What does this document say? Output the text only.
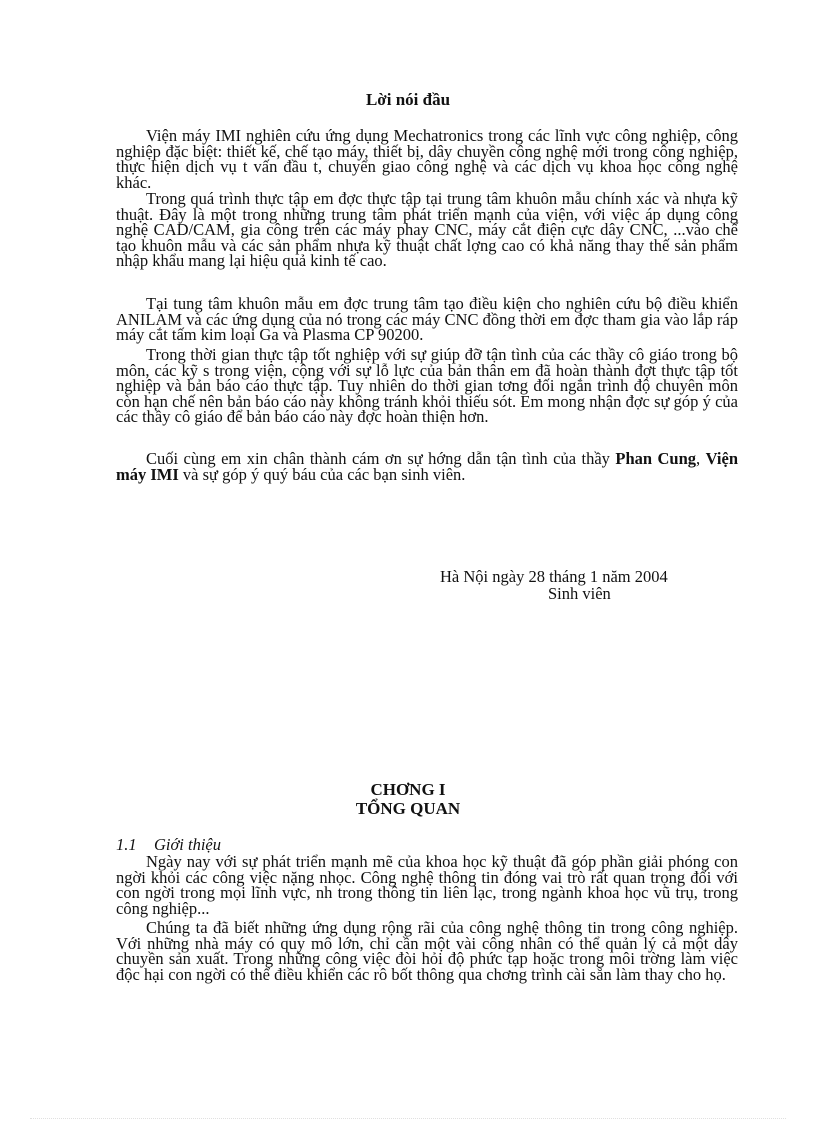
Lời nói đầu

Viện máy IMI nghiên cứu ứng dụng Mechatronics trong các lĩnh vực công nghiệp, công nghiệp đặc biệt: thiết kế, chế tạo máy, thiết bị, dây chuyền công nghệ mới trong công nghiệp, thực hiện dịch vụ t vấn đầu t, chuyển giao công nghệ và các dịch vụ khoa học công nghệ khác.

Trong quá trình thực tập em đợc thực tập tại trung tâm khuôn mẫu chính xác và nhựa kỹ thuật. Đây là một trong những trung tâm phát triển mạnh của viện, với việc áp dụng công nghệ CAD/CAM, gia công trên các máy phay CNC, máy cắt điện cực dây CNC, ...vào chế tạo khuôn mẫu và các sản phẩm nhựa kỹ thuật chất lợng cao có khả năng thay thế sản phẩm nhập khẩu mang lại hiệu quả kinh tế cao.

Tại tung tâm khuôn mẫu em đợc trung tâm tạo điều kiện cho nghiên cứu bộ điều khiển ANILAM và các ứng dụng của nó trong các máy CNC đồng thời em đợc tham gia vào lắp ráp máy cắt tấm kim loại Ga và Plasma CP 90200.

Trong thời gian thực tập tốt nghiệp với sự giúp đỡ tận tình của các thầy cô giáo trong bộ môn, các kỹ s trong viện, cộng với sự lỗ lực của bản thân em đã hoàn thành đợt thực tập tốt nghiệp và bản báo cáo thực tập. Tuy nhiên do thời gian tơng đối ngắn trình độ chuyên môn còn hạn chế nên bản báo cáo này không tránh khỏi thiếu sót. Em mong nhận đợc sự góp ý của các thầy cô giáo để bản báo cáo này đợc hoàn thiện hơn.

Cuối cùng em xin chân thành cám ơn sự hớng dẫn tận tình của thầy Phan Cung, Viện máy IMI và sự góp ý quý báu của các bạn sinh viên.

Hà Nội ngày 28 tháng 1 năm 2004
Sinh viên
CHƠNG I
TỔNG QUAN
1.1 Giới thiệu

Ngày nay với sự phát triển mạnh mẽ của khoa học kỹ thuật đã góp phần giải phóng con ngời khỏi các công việc nặng nhọc. Công nghệ thông tin đóng vai trò rất quan trọng đối với con ngời trong mọi lĩnh vực, nh trong thông tin liên lạc, trong ngành khoa học vũ trụ, trong công nghiệp...

Chúng ta đã biết những ứng dụng rộng rãi của công nghệ thông tin trong công nghiệp. Với những nhà máy có quy mô lớn, chỉ cần một vài công nhân có thể quản lý cả một dây chuyền sản xuất. Trong những công việc đòi hỏi độ phức tạp hoặc trong môi trờng làm việc độc hại con ngời có thể điều khiển các rô bốt thông qua chơng trình cài sẵn làm thay cho họ.
